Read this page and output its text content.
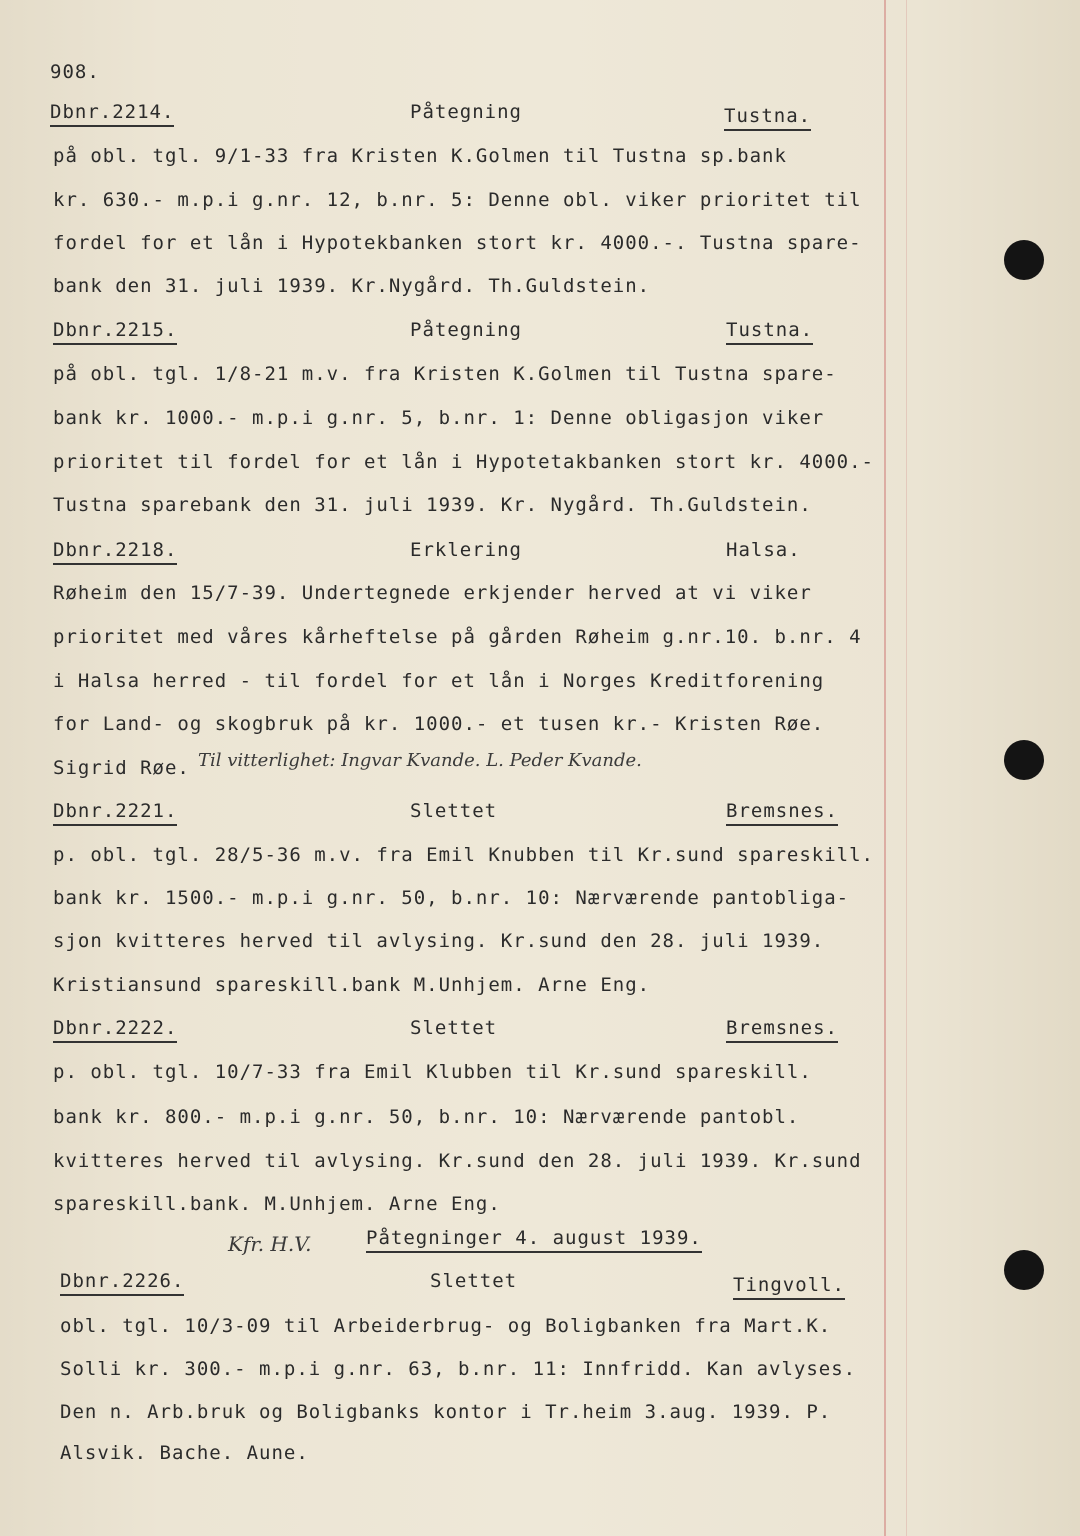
908.
Dbnr.2214.	Påtegning	Tustna.
på obl. tgl. 9/1-33 fra Kristen K.Golmen til Tustna sp.bank
kr. 630.- m.p.i g.nr. 12, b.nr. 5: Denne obl. viker prioritet til
fordel for et lån i Hypotekbanken stort kr. 4000.-. Tustna spare-
bank den 31. juli 1939. Kr.Nygård. Th.Guldstein.
Dbnr.2215.	Påtegning	Tustna.
på obl. tgl. 1/8-21 m.v. fra Kristen K.Golmen til Tustna spare-
bank kr. 1000.- m.p.i g.nr. 5, b.nr. 1: Denne obligasjon viker
prioritet til fordel for et lån i Hypotetakbanken stort kr. 4000.-
Tustna sparebank den 31. juli 1939. Kr. Nygård. Th.Guldstein.
Dbnr.2218.	Erklering	Halsa.
Røheim den 15/7-39. Undertegnede erkjender herved at vi viker
prioritet med våres kårheftelse på gården Røheim g.nr.10. b.nr. 4
i Halsa herred - til fordel for et lån i Norges Kreditforening
for Land- og skogbruk på kr. 1000.- et tusen kr.- Kristen Røe.
Sigrid Røe. Til vitterlighet: Ingvar Kvande. L. Peder Kvande.
Dbnr.2221.	Slettet	Bremsnes.
p. obl. tgl. 28/5-36 m.v. fra Emil Knubben til Kr.sund spareskill.
bank kr. 1500.- m.p.i g.nr. 50, b.nr. 10: Nærværende pantobliga-
sjon kvitteres herved til avlysing. Kr.sund den 28. juli 1939.
Kristiansund spareskill.bank M.Unhjem. Arne Eng.
Dbnr.2222.	Slettet	Bremsnes.
p. obl. tgl. 10/7-33 fra Emil Klubben til Kr.sund spareskill.
bank kr. 800.- m.p.i g.nr. 50, b.nr. 10: Nærværende pantobl.
kvitteres herved til avlysing. Kr.sund den 28. juli 1939. Kr.sund
spareskill.bank. M.Unhjem. Arne Eng.
Kfr. H.V.	Påtegninger 4. august 1939.
Dbnr.2226.	Slettet	Tingvoll.
obl. tgl. 10/3-09 til Arbeiderbrug- og Boligbanken fra Mart.K.
Solli kr. 300.- m.p.i g.nr. 63, b.nr. 11: Innfridd. Kan avlyses.
Den n. Arb.bruk og Boligbanks kontor i Tr.heim 3.aug. 1939. P.
Alsvik. Bache. Aune.
